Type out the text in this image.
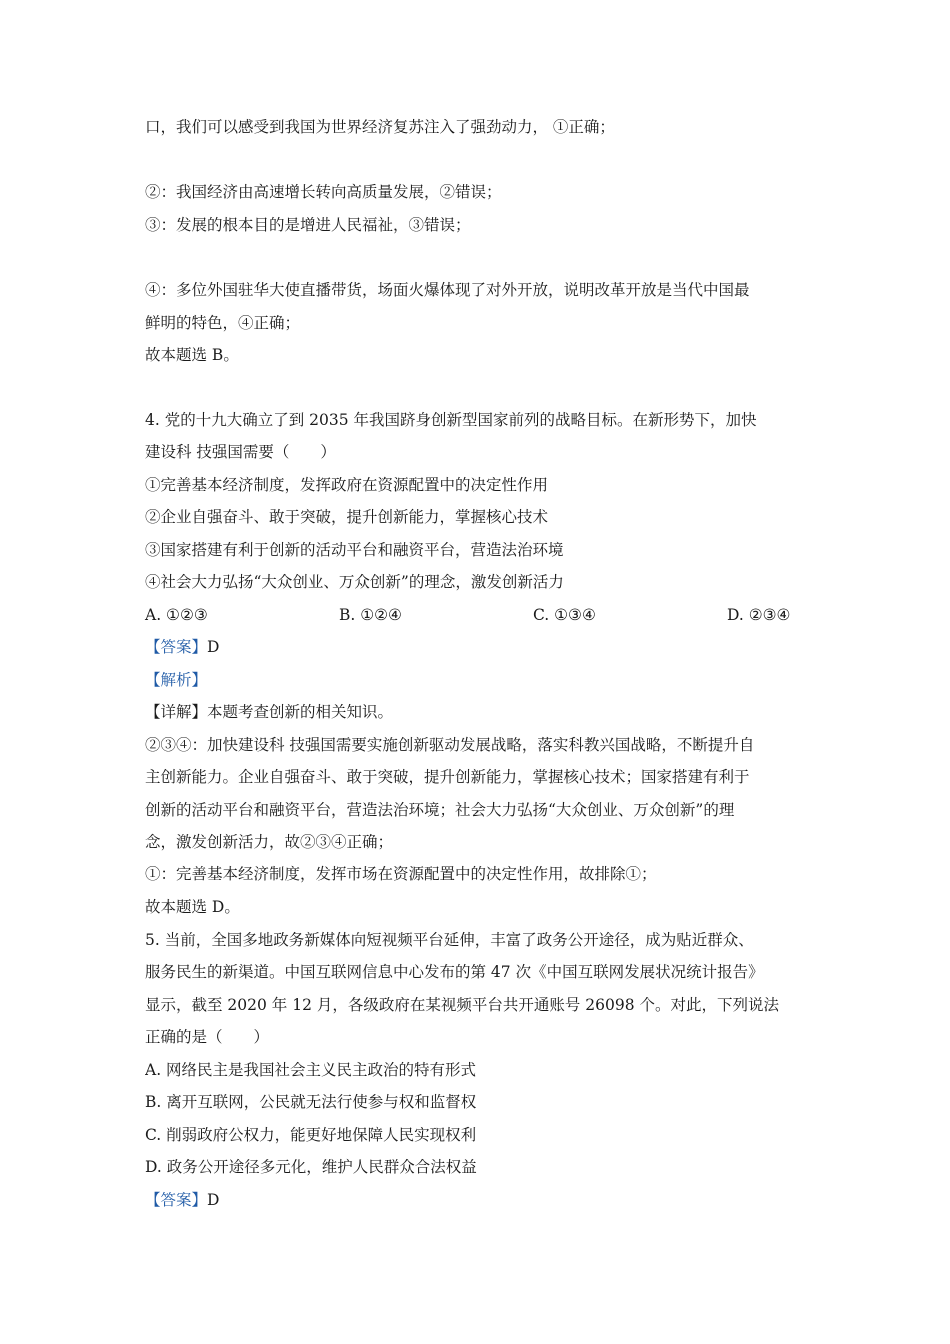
口，我们可以感受到我国为世界经济复苏注入了强劲动力， ①正确；
②：我国经济由高速增长转向高质量发展，②错误；
③：发展的根本目的是增进人民福祉，③错误；
④：多位外国驻华大使直播带货，场面火爆体现了对外开放，说明改革开放是当代中国最
鲜明的特色，④正确；
故本题选 B。
4. 党的十九大确立了到 2035 年我国跻身创新型国家前列的战略目标。在新形势下，加快
建设科 技强国需要（　　）
①完善基本经济制度，发挥政府在资源配置中的决定性作用
②企业自强奋斗、敢于突破，提升创新能力，掌握核心技术
③国家搭建有利于创新的活动平台和融资平台，营造法治环境
④社会大力弘扬“大众创业、万众创新”的理念，激发创新活力
A. ①②③	B. ①②④	C. ①③④	D. ②③④
【答案】D
【解析】
【详解】本题考查创新的相关知识。
②③④：加快建设科 技强国需要实施创新驱动发展战略，落实科教兴国战略，不断提升自
主创新能力。企业自强奋斗、敢于突破，提升创新能力，掌握核心技术；国家搭建有利于
创新的活动平台和融资平台，营造法治环境；社会大力弘扬“大众创业、万众创新”的理
念，激发创新活力，故②③④正确；
①：完善基本经济制度，发挥市场在资源配置中的决定性作用，故排除①；
故本题选 D。
5. 当前，全国多地政务新媒体向短视频平台延伸，丰富了政务公开途径，成为贴近群众、
服务民生的新渠道。中国互联网信息中心发布的第 47 次《中国互联网发展状况统计报告》
显示，截至 2020 年 12 月，各级政府在某视频平台共开通账号 26098 个。对此，下列说法
正确的是（　　）
A. 网络民主是我国社会主义民主政治的特有形式
B. 离开互联网，公民就无法行使参与权和监督权
C. 削弱政府公权力，能更好地保障人民实现权利
D. 政务公开途径多元化，维护人民群众合法权益
【答案】D
